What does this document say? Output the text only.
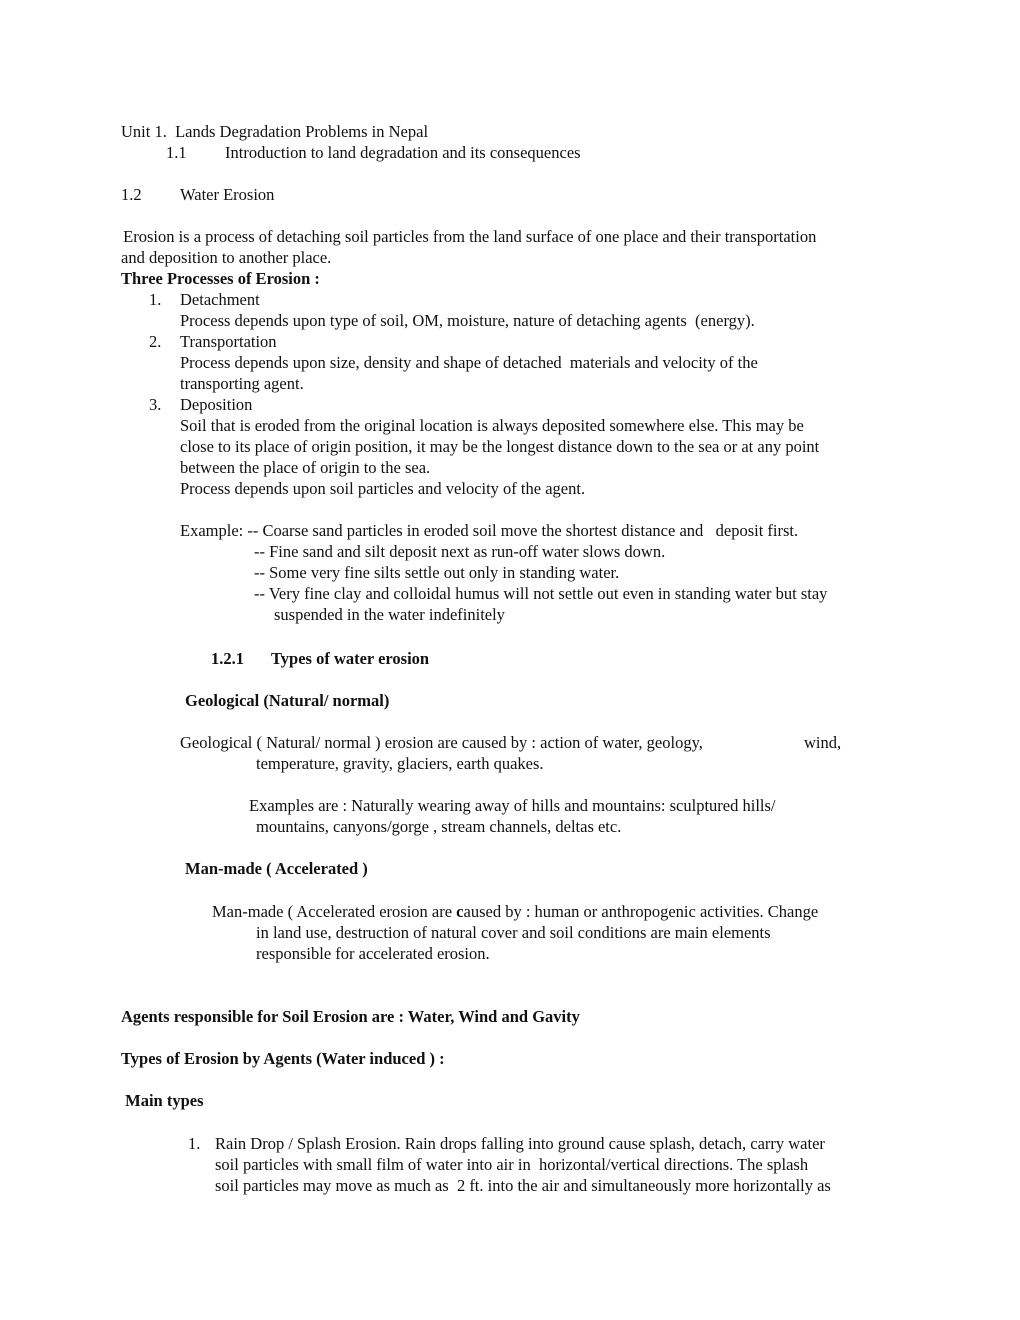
Unit 1.  Lands Degradation Problems in Nepal
1.1 Introduction to land degradation and its consequences
1.2 Water Erosion
Erosion is a process of detaching soil particles from the land surface of one place and their transportation
and deposition to another place.
Three Processes of Erosion :
1. Detachment
Process depends upon type of soil, OM, moisture, nature of detaching agents  (energy).
2. Transportation
Process depends upon size, density and shape of detached  materials and velocity of the
transporting agent.
3. Deposition
Soil that is eroded from the original location is always deposited somewhere else. This may be
close to its place of origin position, it may be the longest distance down to the sea or at any point
between the place of origin to the sea.
Process depends upon soil particles and velocity of the agent.
Example: -- Coarse sand particles in eroded soil move the shortest distance and   deposit first.
-- Fine sand and silt deposit next as run-off water slows down.
-- Some very fine silts settle out only in standing water.
-- Very fine clay and colloidal humus will not settle out even in standing water but stay
suspended in the water indefinitely
1.2.1 Types of water erosion
Geological (Natural/ normal)
Geological ( Natural/ normal ) erosion are caused by : action of water, geology,	wind,
temperature, gravity, glaciers, earth quakes.
Examples are : Naturally wearing away of hills and mountains: sculptured hills/
mountains, canyons/gorge , stream channels, deltas etc.
Man-made ( Accelerated )
Man-made ( Accelerated erosion are caused by : human or anthropogenic activities. Change
in land use, destruction of natural cover and soil conditions are main elements
responsible for accelerated erosion.
Agents responsible for Soil Erosion are : Water, Wind and Gavity
Types of Erosion by Agents (Water induced ) :
Main types
1. Rain Drop / Splash Erosion. Rain drops falling into ground cause splash, detach, carry water
soil particles with small film of water into air in  horizontal/vertical directions. The splash
soil particles may move as much as  2 ft. into the air and simultaneously more horizontally as
